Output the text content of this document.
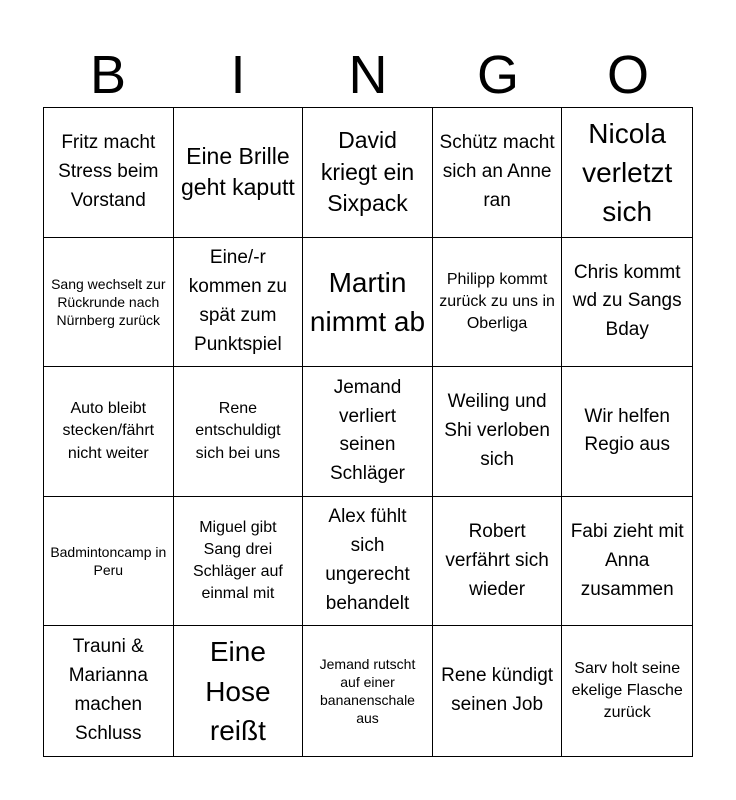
B	I	N	G	O
Fritz macht Stress beim Vorstand
Eine Brille geht kaputt
David kriegt ein Sixpack
Schütz macht sich an Anne ran
Nicola verletzt sich
Sang wechselt zur Rückrunde nach Nürnberg zurück
Eine/-r kommen zu spät zum Punktspiel
Martin nimmt ab
Philipp kommt zurück zu uns in Oberliga
Chris kommt wd zu Sangs Bday
Auto bleibt stecken/fährt nicht weiter
Rene entschuldigt sich bei uns
Jemand verliert seinen Schläger
Weiling und Shi verloben sich
Wir helfen Regio aus
Badmintoncamp in Peru
Miguel gibt Sang drei Schläger auf einmal mit
Alex fühlt sich ungerecht behandelt
Robert verfährt sich wieder
Fabi zieht mit Anna zusammen
Trauni & Marianna machen Schluss
Eine Hose reißt
Jemand rutscht auf einer bananenschale aus
Rene kündigt seinen Job
Sarv holt seine ekelige Flasche zurück
